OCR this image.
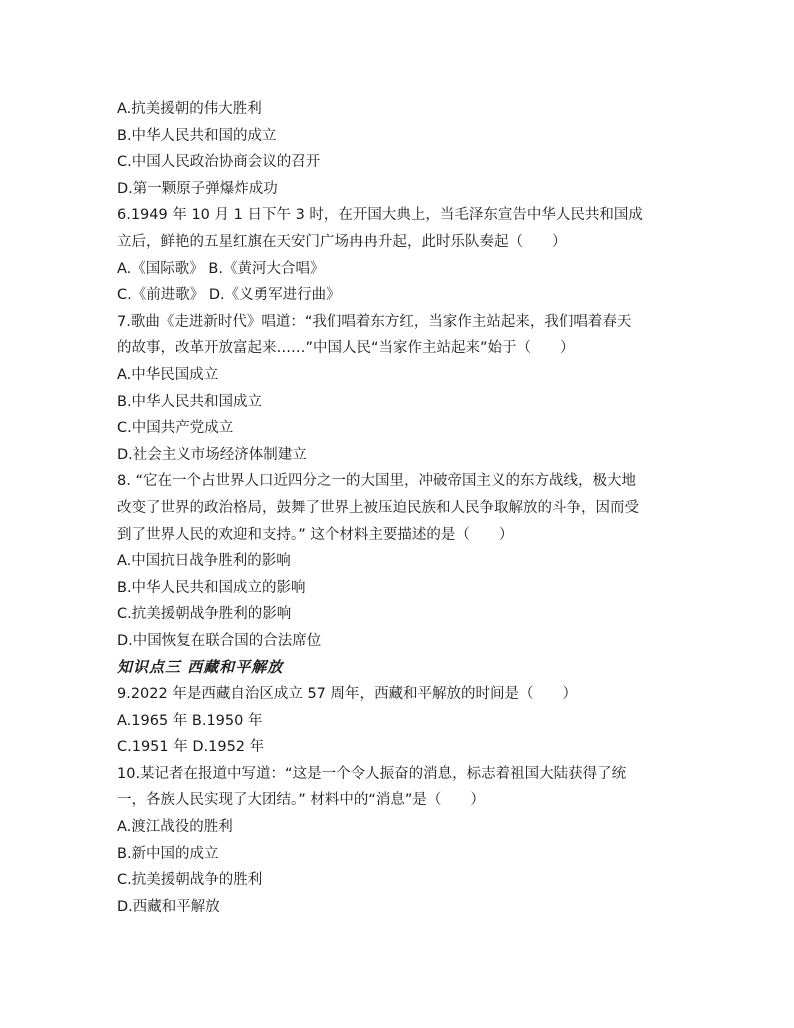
A.抗美援朝的伟大胜利
B.中华人民共和国的成立
C.中国人民政治协商会议的召开
D.第一颗原子弹爆炸成功
6.1949 年 10 月 1 日下午 3 时，在开国大典上，当毛泽东宣告中华人民共和国成
立后，鲜艳的五星红旗在天安门广场冉冉升起，此时乐队奏起（　　）
A.《国际歌》 B.《黄河大合唱》
C.《前进歌》 D.《义勇军进行曲》
7.歌曲《走进新时代》唱道：“我们唱着东方红，当家作主站起来，我们唱着春天
的故事，改革开放富起来……”中国人民“当家作主站起来”始于（　　）
A.中华民国成立
B.中华人民共和国成立
C.中国共产党成立
D.社会主义市场经济体制建立
8. “它在一个占世界人口近四分之一的大国里，冲破帝国主义的东方战线，极大地
改变了世界的政治格局，鼓舞了世界上被压迫民族和人民争取解放的斗争，因而受
到了世界人民的欢迎和支持。” 这个材料主要描述的是（　　）
A.中国抗日战争胜利的影响
B.中华人民共和国成立的影响
C.抗美援朝战争胜利的影响
D.中国恢复在联合国的合法席位
知识点三 西藏和平解放
9.2022 年是西藏自治区成立 57 周年，西藏和平解放的时间是（　　）
A.1965 年 B.1950 年
C.1951 年 D.1952 年
10.某记者在报道中写道：“这是一个令人振奋的消息，标志着祖国大陆获得了统
一，各族人民实现了大团结。” 材料中的“消息”是（　　）
A.渡江战役的胜利
B.新中国的成立
C.抗美援朝战争的胜利
D.西藏和平解放
